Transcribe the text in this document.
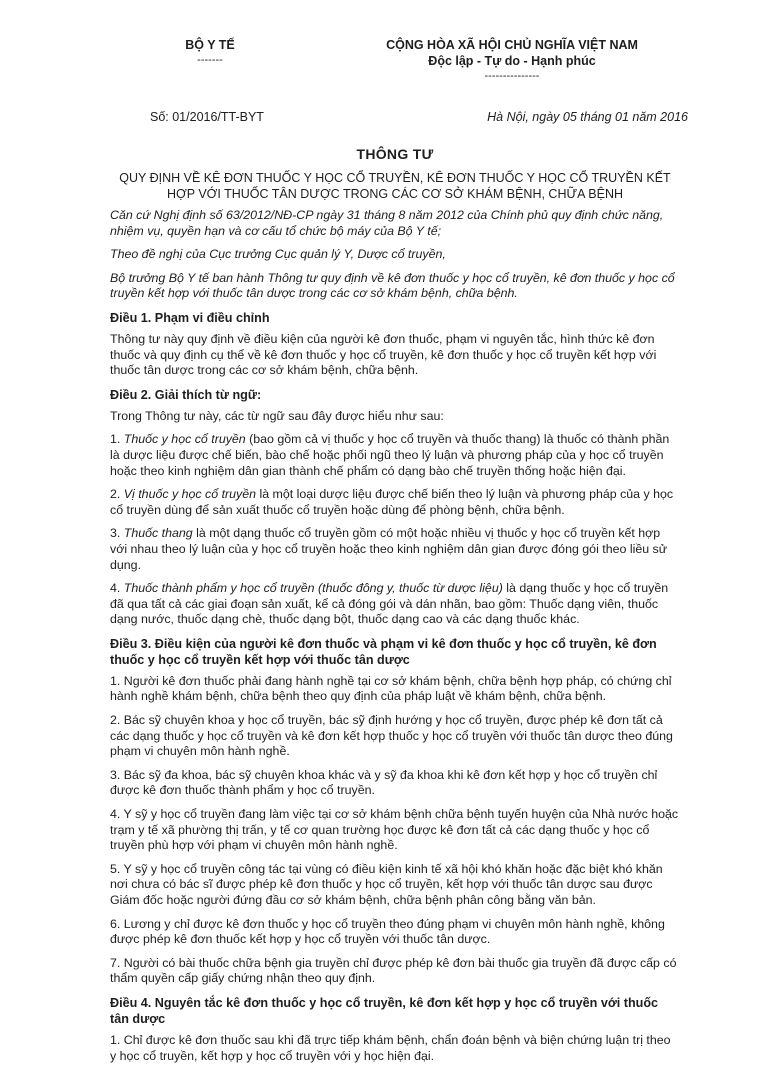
BỘ Y TẾ
-------
CỘNG HÒA XÃ HỘI CHỦ NGHĨA VIỆT NAM
Độc lập - Tự do - Hạnh phúc
---------------
Số: 01/2016/TT-BYT	Hà Nội, ngày 05 tháng 01 năm 2016
THÔNG TƯ
QUY ĐỊNH VỀ KÊ ĐƠN THUỐC Y HỌC CỔ TRUYỀN, KÊ ĐƠN THUỐC Y HỌC CỔ TRUYỀN KẾT HỢP VỚI THUỐC TÂN DƯỢC TRONG CÁC CƠ SỞ KHÁM BỆNH, CHỮA BỆNH

Căn cứ Nghị định số 63/2012/NĐ-CP ngày 31 tháng 8 năm 2012 của Chính phủ quy định chức năng, nhiệm vụ, quyền hạn và cơ cấu tổ chức bộ máy của Bộ Y tế;

Theo đề nghị của Cục trưởng Cục quản lý Y, Dược cổ truyền,

Bộ trưởng Bộ Y tế ban hành Thông tư quy định về kê đơn thuốc y học cổ truyền, kê đơn thuốc y học cổ truyền kết hợp với thuốc tân dược trong các cơ sở khám bệnh, chữa bệnh.

Điều 1. Phạm vi điều chỉnh

Thông tư này quy định về điều kiện của người kê đơn thuốc, phạm vi nguyên tắc, hình thức kê đơn thuốc và quy định cụ thể về kê đơn thuốc y học cổ truyền, kê đơn thuốc y học cổ truyền kết hợp với thuốc tân dược trong các cơ sở khám bệnh, chữa bệnh.

Điều 2. Giải thích từ ngữ:

Trong Thông tư này, các từ ngữ sau đây được hiểu như sau:

1. Thuốc y học cổ truyền (bao gồm cả vị thuốc y học cổ truyền và thuốc thang) là thuốc có thành phần là dược liệu được chế biến, bào chế hoặc phối ngũ theo lý luận và phương pháp của y học cổ truyền hoặc theo kinh nghiệm dân gian thành chế phẩm có dạng bào chế truyền thống hoặc hiện đại.

2. Vị thuốc y học cổ truyền là một loại dược liệu được chế biến theo lý luận và phương pháp của y học cổ truyền dùng để sản xuất thuốc cổ truyền hoặc dùng để phòng bệnh, chữa bệnh.

3. Thuốc thang là một dạng thuốc cổ truyền gồm có một hoặc nhiều vị thuốc y học cổ truyền kết hợp với nhau theo lý luận của y học cổ truyền hoặc theo kinh nghiệm dân gian được đóng gói theo liều sử dụng.

4. Thuốc thành phẩm y học cổ truyền (thuốc đông y, thuốc từ dược liệu) là dạng thuốc y học cổ truyền đã qua tất cả các giai đoạn sản xuất, kể cả đóng gói và dán nhãn, bao gồm: Thuốc dạng viên, thuốc dạng nước, thuốc dạng chè, thuốc dạng bột, thuốc dạng cao và các dạng thuốc khác.

Điều 3. Điều kiện của người kê đơn thuốc và phạm vi kê đơn thuốc y học cổ truyền, kê đơn thuốc y học cổ truyền kết hợp với thuốc tân dược

1. Người kê đơn thuốc phải đang hành nghề tại cơ sở khám bệnh, chữa bệnh hợp pháp, có chứng chỉ hành nghề khám bệnh, chữa bệnh theo quy định của pháp luật về khám bệnh, chữa bệnh.

2. Bác sỹ chuyên khoa y học cổ truyền, bác sỹ định hướng y học cổ truyền, được phép kê đơn tất cả các dạng thuốc y học cổ truyền và kê đơn kết hợp thuốc y học cổ truyền với thuốc tân dược theo đúng phạm vi chuyên môn hành nghề.

3. Bác sỹ đa khoa, bác sỹ chuyên khoa khác và y sỹ đa khoa khi kê đơn kết hợp y học cổ truyền chỉ được kê đơn thuốc thành phẩm y học cổ truyền.

4. Y sỹ y học cổ truyền đang làm việc tại cơ sở khám bệnh chữa bệnh tuyến huyện của Nhà nước hoặc trạm y tế xã phường thị trấn, y tế cơ quan trường học được kê đơn tất cả các dạng thuốc y học cổ truyền phù hợp với phạm vi chuyên môn hành nghề.

5. Y sỹ y học cổ truyền công tác tại vùng có điều kiện kinh tế xã hội khó khăn hoặc đặc biệt khó khăn nơi chưa có bác sĩ được phép kê đơn thuốc y học cổ truyền, kết hợp với thuốc tân dược sau được Giám đốc hoặc người đứng đầu cơ sở khám bệnh, chữa bệnh phân công bằng văn bản.

6. Lương y chỉ được kê đơn thuốc y học cổ truyền theo đúng phạm vi chuyên môn hành nghề, không được phép kê đơn thuốc kết hợp y học cổ truyền với thuốc tân dược.

7. Người có bài thuốc chữa bệnh gia truyền chỉ được phép kê đơn bài thuốc gia truyền đã được cấp có thẩm quyền cấp giấy chứng nhận theo quy định.

Điều 4. Nguyên tắc kê đơn thuốc y học cổ truyền, kê đơn kết hợp y học cổ truyền với thuốc tân dược

1. Chỉ được kê đơn thuốc sau khi đã trực tiếp khám bệnh, chẩn đoán bệnh và biện chứng luận trị theo y học cổ truyền, kết hợp y học cổ truyền với y học hiện đại.
